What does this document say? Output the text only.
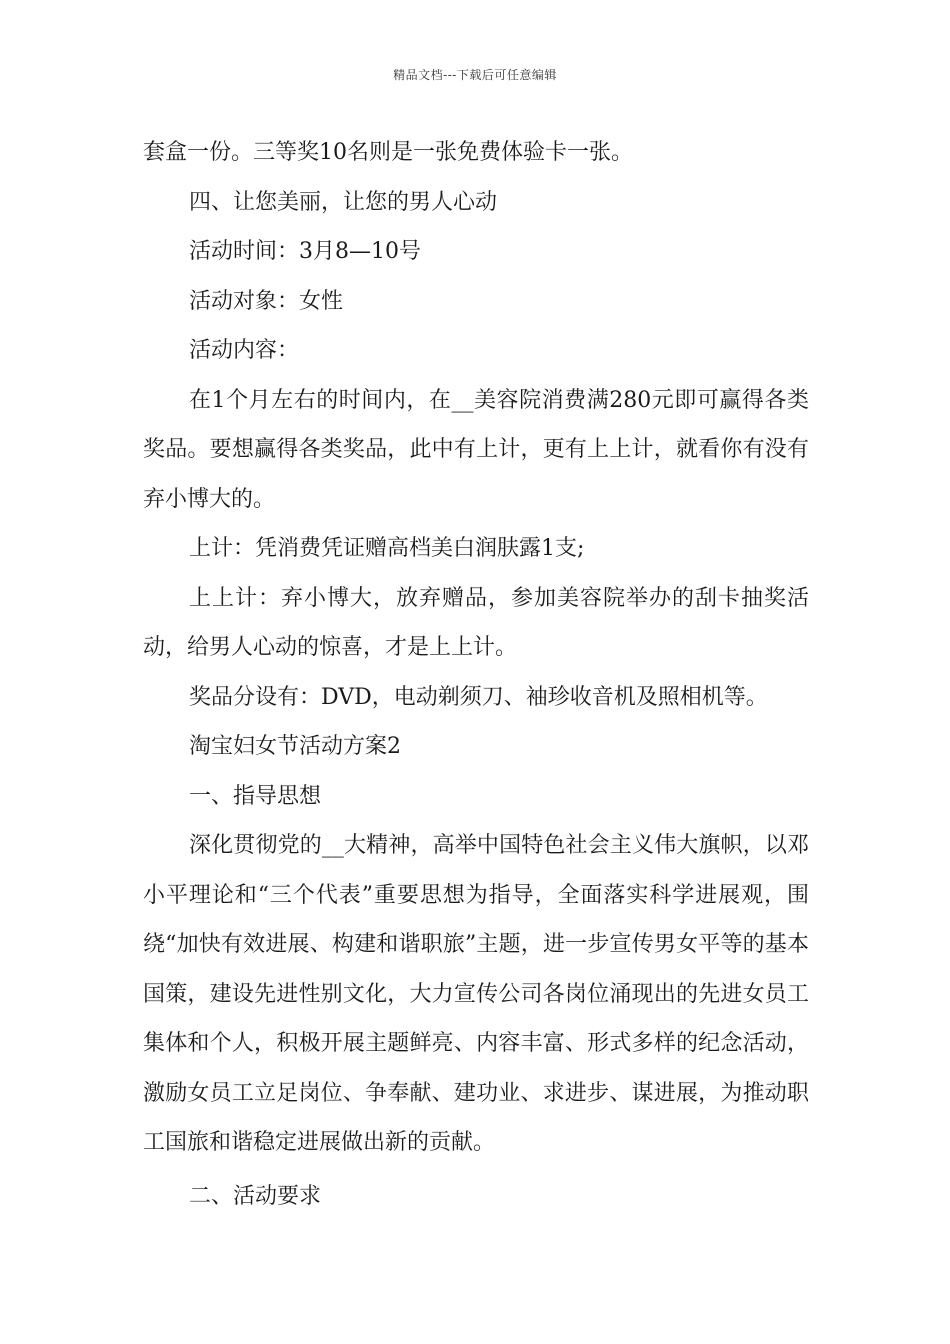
精品文档---下载后可任意编辑

套盒一份。三等奖10名则是一张免费体验卡一张。

四、让您美丽，让您的男人心动

活动时间：3月8—10号

活动对象：女性

活动内容：

在1个月左右的时间内，在__美容院消费满280元即可赢得各类奖品。要想赢得各类奖品，此中有上计，更有上上计，就看你有没有弃小博大的。

上计：凭消费凭证赠高档美白润肤露1支;

上上计：弃小博大，放弃赠品，参加美容院举办的刮卡抽奖活动，给男人心动的惊喜，才是上上计。

奖品分设有：DVD，电动剃须刀、袖珍收音机及照相机等。

淘宝妇女节活动方案2

一、指导思想

深化贯彻党的__大精神，高举中国特色社会主义伟大旗帜，以邓小平理论和“三个代表”重要思想为指导，全面落实科学进展观，围绕“加快有效进展、构建和谐职旅”主题，进一步宣传男女平等的基本国策，建设先进性别文化，大力宣传公司各岗位涌现出的先进女员工集体和个人，积极开展主题鲜亮、内容丰富、形式多样的纪念活动，激励女员工立足岗位、争奉献、建功业、求进步、谋进展，为推动职工国旅和谐稳定进展做出新的贡献。

二、活动要求
